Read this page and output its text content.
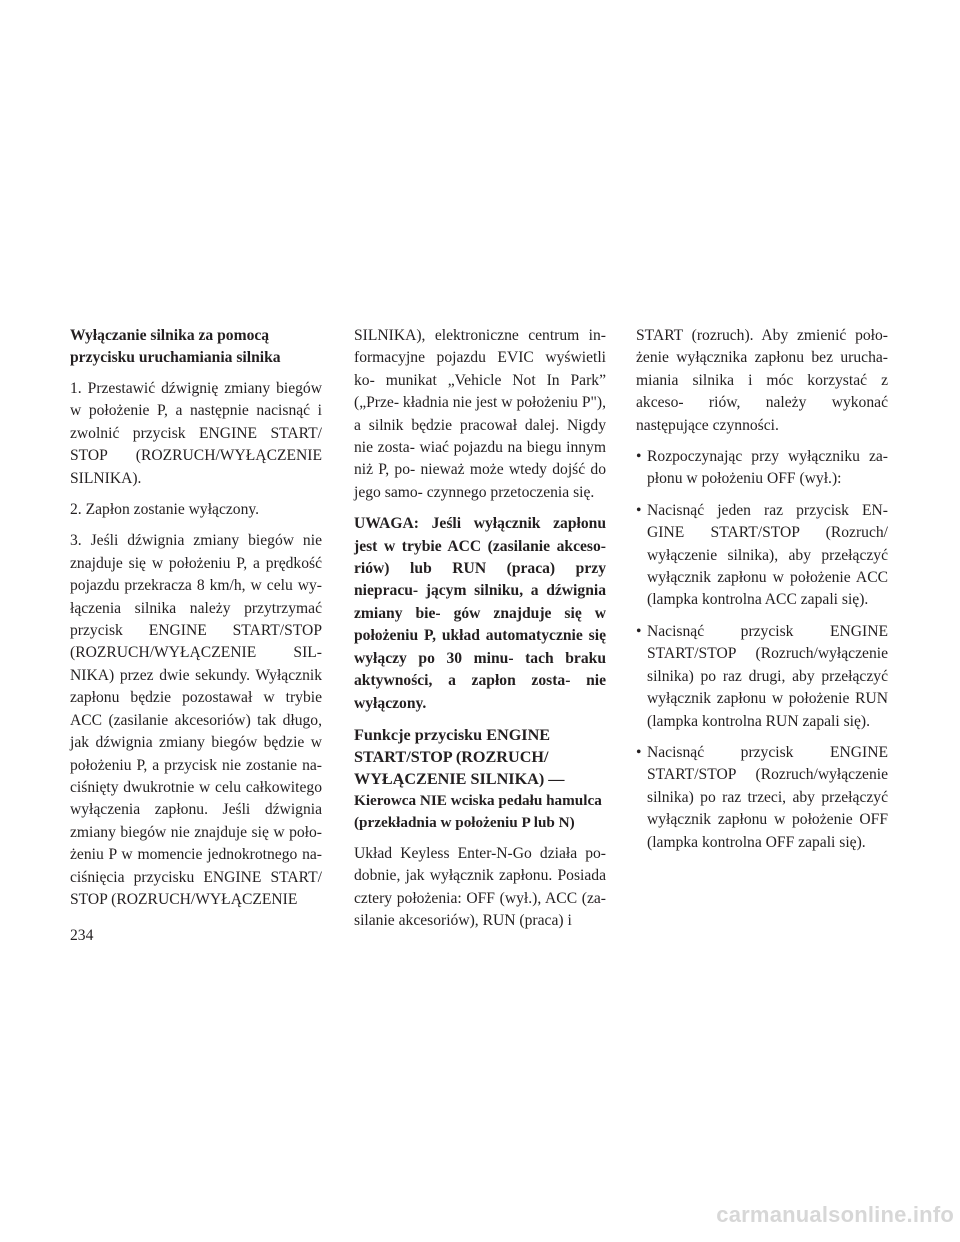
Wyłączanie silnika za pomocą przycisku uruchamiania silnika

1. Przestawić dźwignię zmiany biegów w położenie P, a następnie nacisnąć i zwolnić przycisk ENGINE START/ STOP (ROZRUCH/WYŁĄCZENIE SILNIKA).

2. Zapłon zostanie wyłączony.

3. Jeśli dźwignia zmiany biegów nie znajduje się w położeniu P, a prędkość pojazdu przekracza 8 km/h, w celu wy- łączenia silnika należy przytrzymać przycisk ENGINE START/STOP (ROZRUCH/WYŁĄCZENIE SIL- NIKA) przez dwie sekundy. Wyłącznik zapłonu będzie pozostawał w trybie ACC (zasilanie akcesoriów) tak długo, jak dźwignia zmiany biegów będzie w położeniu P, a przycisk nie zostanie na- ciśnięty dwukrotnie w celu całkowitego wyłączenia zapłonu. Jeśli dźwignia zmiany biegów nie znajduje się w poło- żeniu P w momencie jednokrotnego na- ciśnięcia przycisku ENGINE START/ STOP (ROZRUCH/WYŁĄCZENIE

SILNIKA), elektroniczne centrum in- formacyjne pojazdu EVIC wyświetli ko- munikat „Vehicle Not In Park” („Prze- kładnia nie jest w położeniu P"), a silnik będzie pracował dalej. Nigdy nie zosta- wiać pojazdu na biegu innym niż P, po- nieważ może wtedy dojść do jego samo- czynnego przetoczenia się.

UWAGA: Jeśli wyłącznik zapłonu jest w trybie ACC (zasilanie akceso- riów) lub RUN (praca) przy niepracu- jącym silniku, a dźwignia zmiany bie- gów znajduje się w położeniu P, układ automatycznie się wyłączy po 30 minu- tach braku aktywności, a zapłon zosta- nie wyłączony.

Funkcje przycisku ENGINE START/STOP (ROZRUCH/ WYŁĄCZENIE SILNIKA) —

Kierowca NIE wciska pedału hamulca (przekładnia w położeniu P lub N)

Układ Keyless Enter-N-Go działa po- dobnie, jak wyłącznik zapłonu. Posiada cztery położenia: OFF (wył.), ACC (za- silanie akcesoriów), RUN (praca) i

START (rozruch). Aby zmienić poło- żenie wyłącznika zapłonu bez urucha- miania silnika i móc korzystać z akceso- riów, należy wykonać następujące czynności.

• Rozpoczynając przy wyłączniku za- płonu w położeniu OFF (wył.):
• Nacisnąć jeden raz przycisk EN- GINE START/STOP (Rozruch/ wyłączenie silnika), aby przełączyć wyłącznik zapłonu w położenie ACC (lampka kontrolna ACC zapali się).
• Nacisnąć przycisk ENGINE START/STOP (Rozruch/wyłączenie silnika) po raz drugi, aby przełączyć wyłącznik zapłonu w położenie RUN (lampka kontrolna RUN zapali się).
• Nacisnąć przycisk ENGINE START/STOP (Rozruch/wyłączenie silnika) po raz trzeci, aby przełączyć wyłącznik zapłonu w położenie OFF (lampka kontrolna OFF zapali się).
234
carmanualsonline.info
